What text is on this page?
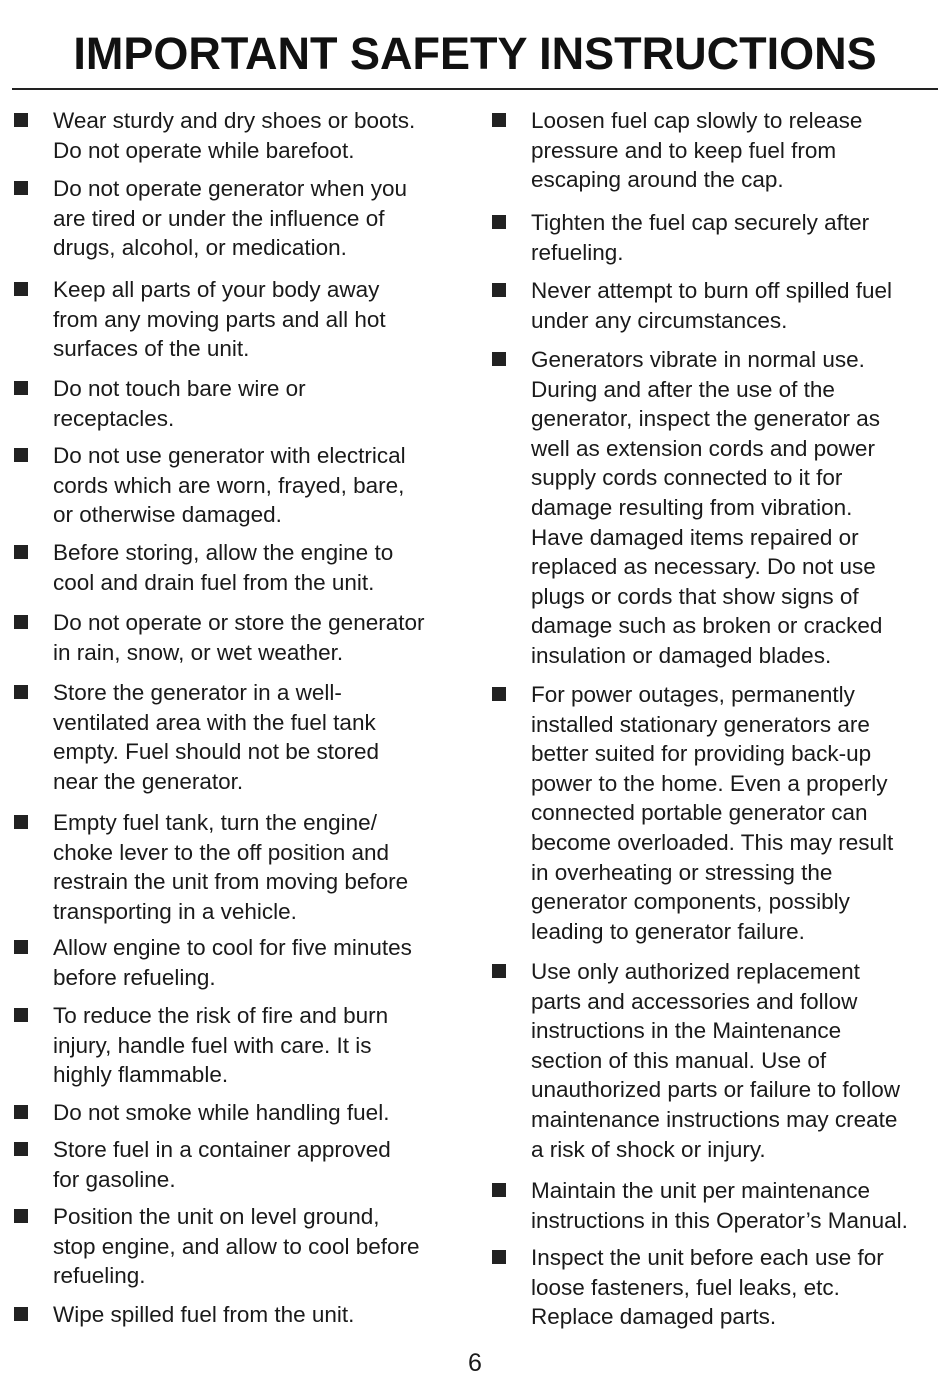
IMPORTANT SAFETY INSTRUCTIONS
Wear sturdy and dry shoes or boots.
Do not operate while barefoot.
Do not operate generator when you
are tired or under the influence of
drugs, alcohol, or medication.
Keep all parts of your body away
from any moving parts and all hot
surfaces of the unit.
Do not touch bare wire or
receptacles.
Do not use generator with electrical
cords which are worn, frayed, bare,
or otherwise damaged.
Before storing, allow the engine to
cool and drain fuel from the unit.
Do not operate or store the generator
in rain, snow, or wet weather.
Store the generator in a well-
ventilated area with the fuel tank
empty. Fuel should not be stored
near the generator.
Empty fuel tank, turn the engine/
choke lever to the off position and
restrain the unit from moving before
transporting in a vehicle.
Allow engine to cool for five minutes
before refueling.
To reduce the risk of fire and burn
injury, handle fuel with care. It is
highly flammable.
Do not smoke while handling fuel.
Store fuel in a container approved
for gasoline.
Position the unit on level ground,
stop engine, and allow to cool before
refueling.
Wipe spilled fuel from the unit.
Loosen fuel cap slowly to release
pressure and to keep fuel from
escaping around the cap.
Tighten the fuel cap securely after
refueling.
Never attempt to burn off spilled fuel
under any circumstances.
Generators vibrate in normal use.
During and after the use of the
generator, inspect the generator as
well as extension cords and power
supply cords connected to it for
damage resulting from vibration.
Have damaged items repaired or
replaced as necessary. Do not use
plugs or cords that show signs of
damage such as broken or cracked
insulation or damaged blades.
For power outages, permanently
installed stationary generators are
better suited for providing back-up
power to the home. Even a properly
connected portable generator can
become overloaded. This may result
in overheating or stressing the
generator components, possibly
leading to generator failure.
Use only authorized replacement
parts and accessories and follow
instructions in the Maintenance
section of this manual. Use of
unauthorized parts or failure to follow
maintenance instructions may create
a risk of shock or injury.
Maintain the unit per maintenance
instructions in this Operator’s Manual.
Inspect the unit before each use for
loose fasteners, fuel leaks, etc.
Replace damaged parts.
6
